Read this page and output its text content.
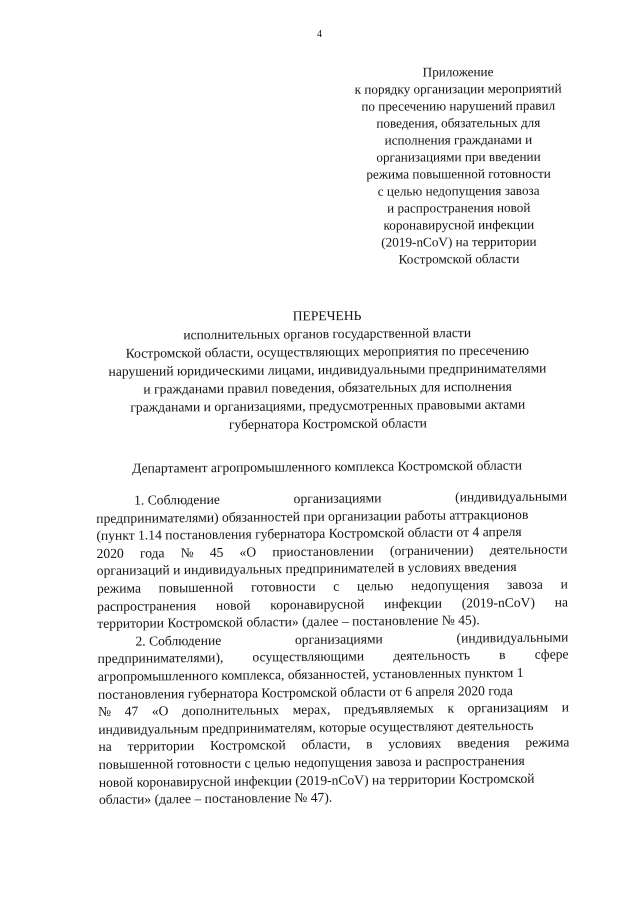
4
Приложение
к порядку организации мероприятий
по пресечению нарушений правил
поведения, обязательных для
исполнения гражданами и
организациями при введении
режима повышенной готовности
с целью недопущения завоза
и распространения новой
коронавирусной инфекции
(2019-nCoV) на территории
Костромской области
ПЕРЕЧЕНЬ
исполнительных органов государственной власти
Костромской области, осуществляющих мероприятия по пресечению
нарушений юридическими лицами, индивидуальными предпринимателями
и гражданами правил поведения, обязательных для исполнения
гражданами и организациями, предусмотренных правовыми актами
губернатора Костромской области
Департамент агропромышленного комплекса Костромской области
1. Соблюдение	организациями	(индивидуальными
предпринимателями) обязанностей при организации работы аттракционов
(пункт 1.14 постановления губернатора Костромской области от 4 апреля
2020 года № 45 «О приостановлении (ограничении) деятельности
организаций и индивидуальных предпринимателей в условиях введения
режима повышенной готовности с целью недопущения завоза и
распространения новой коронавирусной инфекции (2019-nCoV) на
территории Костромской области» (далее – постановление № 45).
2. Соблюдение	организациями	(индивидуальными
предпринимателями), осуществляющими деятельность в сфере
агропромышленного комплекса, обязанностей, установленных пунктом 1
постановления губернатора Костромской области от 6 апреля 2020 года
№ 47 «О дополнительных мерах, предъявляемых к организациям и
индивидуальным предпринимателям, которые осуществляют деятельность
на территории Костромской области, в условиях введения режима
повышенной готовности с целью недопущения завоза и распространения
новой коронавирусной инфекции (2019-nCoV) на территории Костромской
области» (далее – постановление № 47).
